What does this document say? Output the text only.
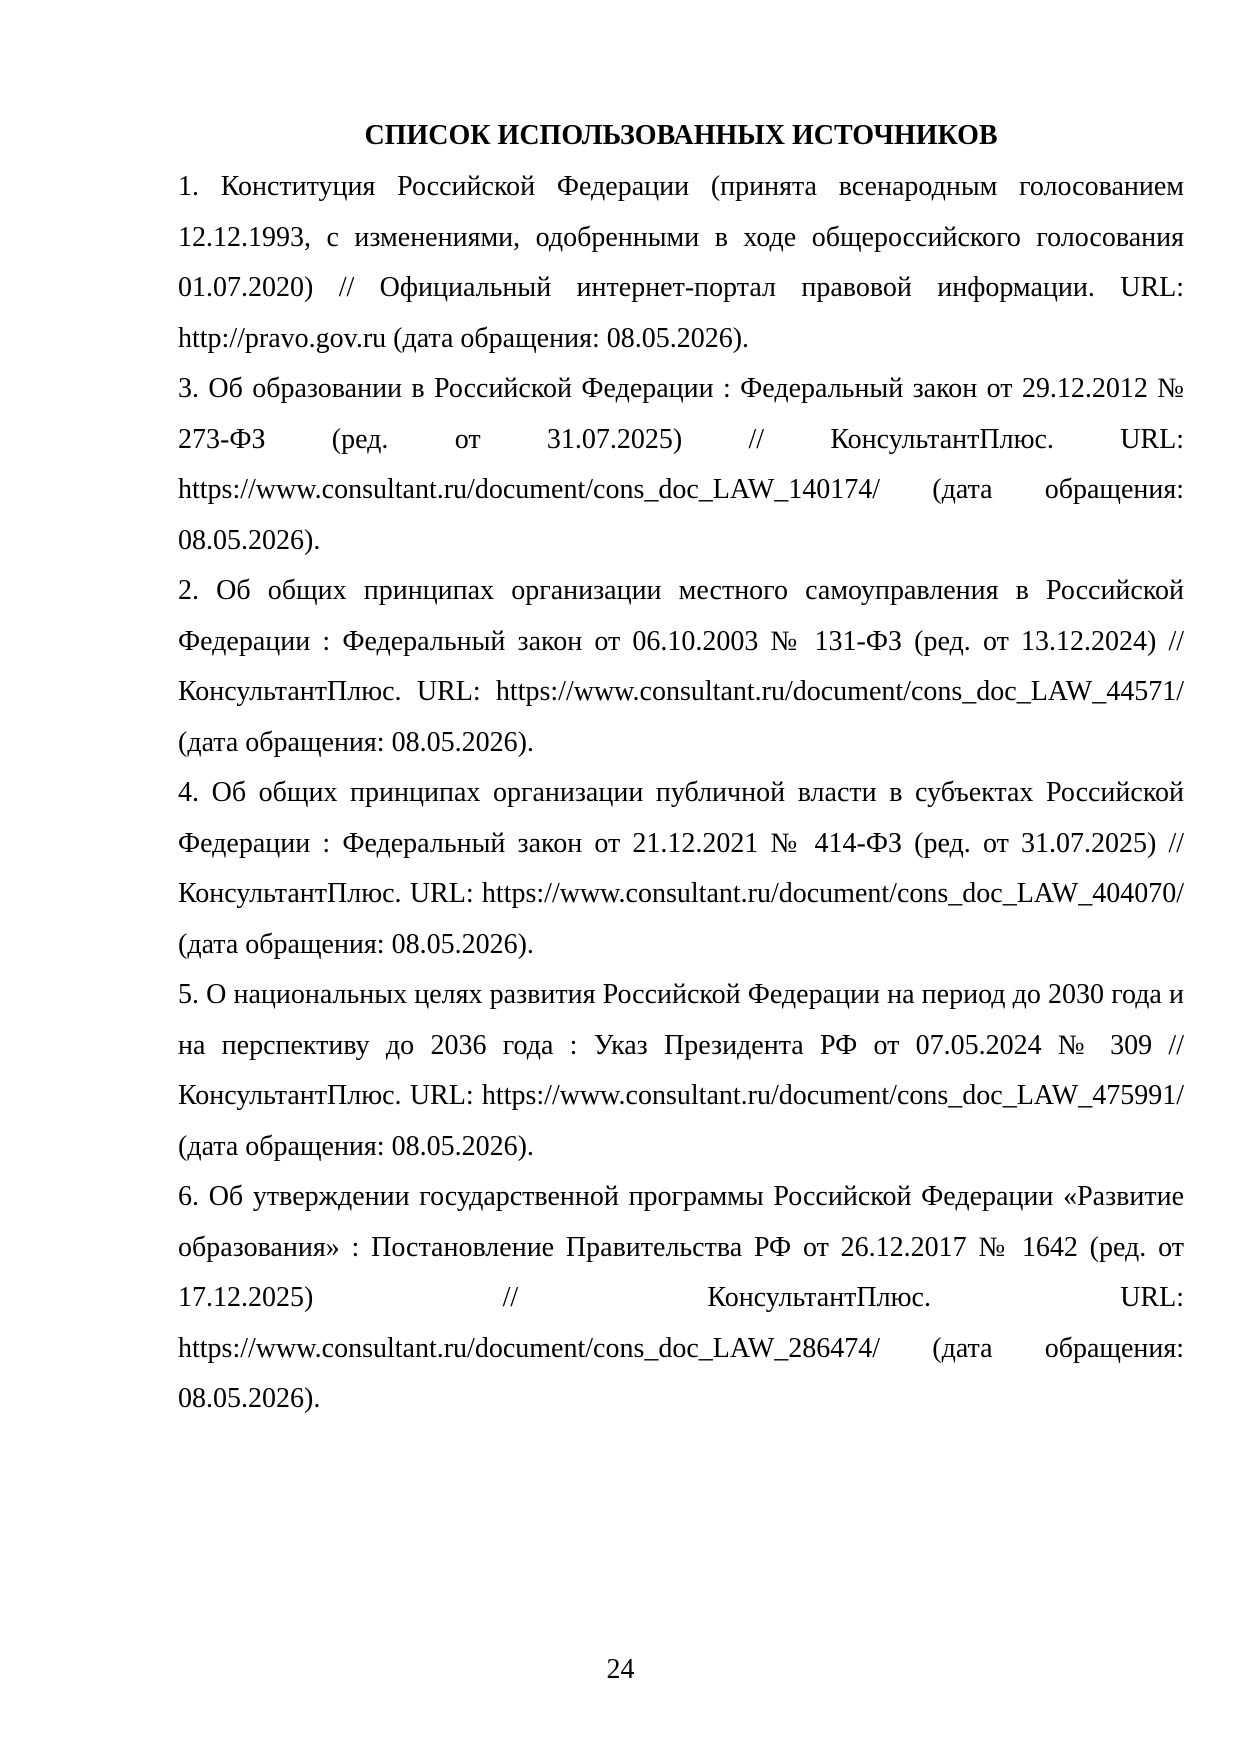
СПИСОК ИСПОЛЬЗОВАННЫХ ИСТОЧНИКОВ

1. Конституция Российской Федерации (принята всенародным голосованием 12.12.1993, с изменениями, одобренными в ходе общероссийского голосования 01.07.2020) // Официальный интернет-портал правовой информации. URL: http://pravo.gov.ru (дата обращения: 08.05.2026).

3. Об образовании в Российской Федерации : Федеральный закон от 29.12.2012 № 273-ФЗ (ред. от 31.07.2025) // КонсультантПлюс. URL: https://www.consultant.ru/document/cons_doc_LAW_140174/ (дата обращения: 08.05.2026).

2. Об общих принципах организации местного самоуправления в Российской Федерации : Федеральный закон от 06.10.2003 № 131-ФЗ (ред. от 13.12.2024) // КонсультантПлюс. URL: https://www.consultant.ru/document/cons_doc_LAW_44571/ (дата обращения: 08.05.2026).

4. Об общих принципах организации публичной власти в субъектах Российской Федерации : Федеральный закон от 21.12.2021 № 414-ФЗ (ред. от 31.07.2025) // КонсультантПлюс. URL: https://www.consultant.ru/document/cons_doc_LAW_404070/ (дата обращения: 08.05.2026).

5. О национальных целях развития Российской Федерации на период до 2030 года и на перспективу до 2036 года : Указ Президента РФ от 07.05.2024 № 309 // КонсультантПлюс. URL: https://www.consultant.ru/document/cons_doc_LAW_475991/ (дата обращения: 08.05.2026).

6. Об утверждении государственной программы Российской Федерации «Развитие образования» : Постановление Правительства РФ от 26.12.2017 № 1642 (ред. от 17.12.2025) // КонсультантПлюс. URL: https://www.consultant.ru/document/cons_doc_LAW_286474/ (дата обращения: 08.05.2026).

24
